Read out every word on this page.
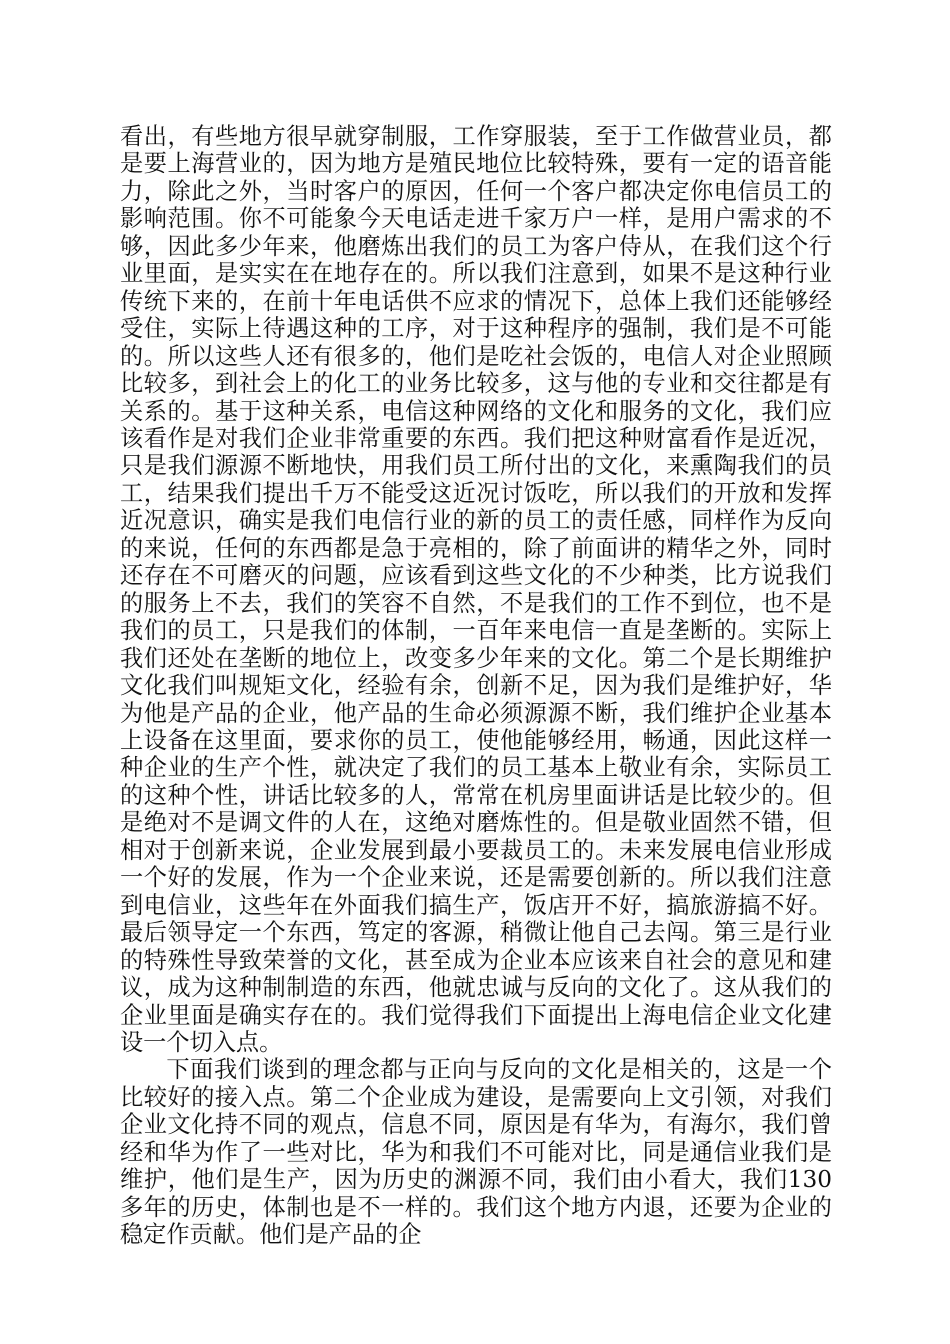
看出，有些地方很早就穿制服，工作穿服装，至于工作做营业员，都是要上海营业的，因为地方是殖民地位比较特殊，要有一定的语音能力，除此之外，当时客户的原因，任何一个客户都决定你电信员工的影响范围。你不可能象今天电话走进千家万户一样，是用户需求的不够，因此多少年来，他磨炼出我们的员工为客户侍从，在我们这个行业里面，是实实在在地存在的。所以我们注意到，如果不是这种行业传统下来的，在前十年电话供不应求的情况下，总体上我们还能够经受住，实际上待遇这种的工序，对于这种程序的强制，我们是不可能的。所以这些人还有很多的，他们是吃社会饭的，电信人对企业照顾比较多，到社会上的化工的业务比较多，这与他的专业和交往都是有关系的。基于这种关系，电信这种网络的文化和服务的文化，我们应该看作是对我们企业非常重要的东西。我们把这种财富看作是近况，只是我们源源不断地快，用我们员工所付出的文化，来熏陶我们的员工，结果我们提出千万不能受这近况讨饭吃，所以我们的开放和发挥近况意识，确实是我们电信行业的新的员工的责任感，同样作为反向的来说，任何的东西都是急于亮相的，除了前面讲的精华之外，同时还存在不可磨灭的问题，应该看到这些文化的不少种类，比方说我们的服务上不去，我们的笑容不自然，不是我们的工作不到位，也不是我们的员工，只是我们的体制，一百年来电信一直是垄断的。实际上我们还处在垄断的地位上，改变多少年来的文化。第二个是长期维护文化我们叫规矩文化，经验有余，创新不足，因为我们是维护好，华为他是产品的企业，他产品的生命必须源源不断，我们维护企业基本上设备在这里面，要求你的员工，使他能够经用，畅通，因此这样一种企业的生产个性，就决定了我们的员工基本上敬业有余，实际员工的这种个性，讲话比较多的人，常常在机房里面讲话是比较少的。但是绝对不是调文件的人在，这绝对磨炼性的。但是敬业固然不错，但相对于创新来说，企业发展到最小要裁员工的。未来发展电信业形成一个好的发展，作为一个企业来说，还是需要创新的。所以我们注意到电信业，这些年在外面我们搞生产，饭店开不好，搞旅游搞不好。最后领导定一个东西，笃定的客源，稍微让他自己去闯。第三是行业的特殊性导致荣誉的文化，甚至成为企业本应该来自社会的意见和建议，成为这种制制造的东西，他就忠诚与反向的文化了。这从我们的企业里面是确实存在的。我们觉得我们下面提出上海电信企业文化建设一个切入点。

下面我们谈到的理念都与正向与反向的文化是相关的，这是一个比较好的接入点。第二个企业成为建设，是需要向上文引领，对我们企业文化持不同的观点，信息不同，原因是有华为，有海尔，我们曾经和华为作了一些对比，华为和我们不可能对比，同是通信业我们是维护，他们是生产，因为历史的渊源不同，我们由小看大，我们130多年的历史，体制也是不一样的。我们这个地方内退，还要为企业的稳定作贡献。他们是产品的企
